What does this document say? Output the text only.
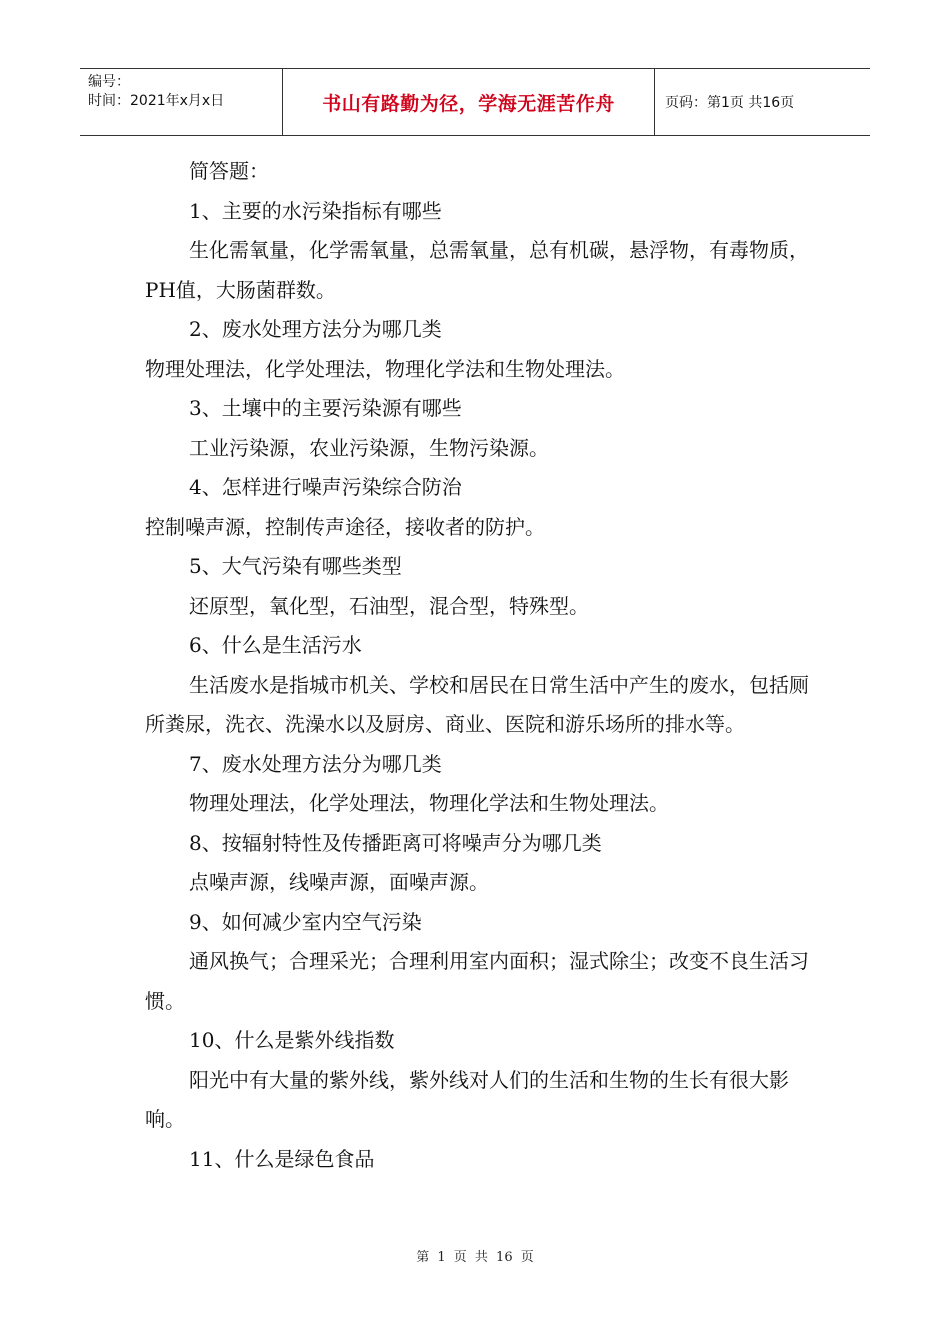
编号：
时间：2021年x月x日	书山有路勤为径，学海无涯苦作舟	页码：第1页 共16页

简答题：

1、主要的水污染指标有哪些

生化需氧量，化学需氧量，总需氧量，总有机碳，悬浮物，有毒物质，PH值，大肠菌群数。

2、废水处理方法分为哪几类

物理处理法，化学处理法，物理化学法和生物处理法。

3、土壤中的主要污染源有哪些

工业污染源，农业污染源，生物污染源。

4、怎样进行噪声污染综合防治

控制噪声源，控制传声途径，接收者的防护。

5、大气污染有哪些类型

还原型，氧化型，石油型，混合型，特殊型。

6、什么是生活污水

生活废水是指城市机关、学校和居民在日常生活中产生的废水，包括厕所粪尿，洗衣、洗澡水以及厨房、商业、医院和游乐场所的排水等。

7、废水处理方法分为哪几类

物理处理法，化学处理法，物理化学法和生物处理法。

8、按辐射特性及传播距离可将噪声分为哪几类

点噪声源，线噪声源，面噪声源。

9、如何减少室内空气污染

通风换气；合理采光；合理利用室内面积；湿式除尘；改变不良生活习惯。

10、什么是紫外线指数

阳光中有大量的紫外线，紫外线对人们的生活和生物的生长有很大影响。

11、什么是绿色食品

第 1 页 共 16 页
